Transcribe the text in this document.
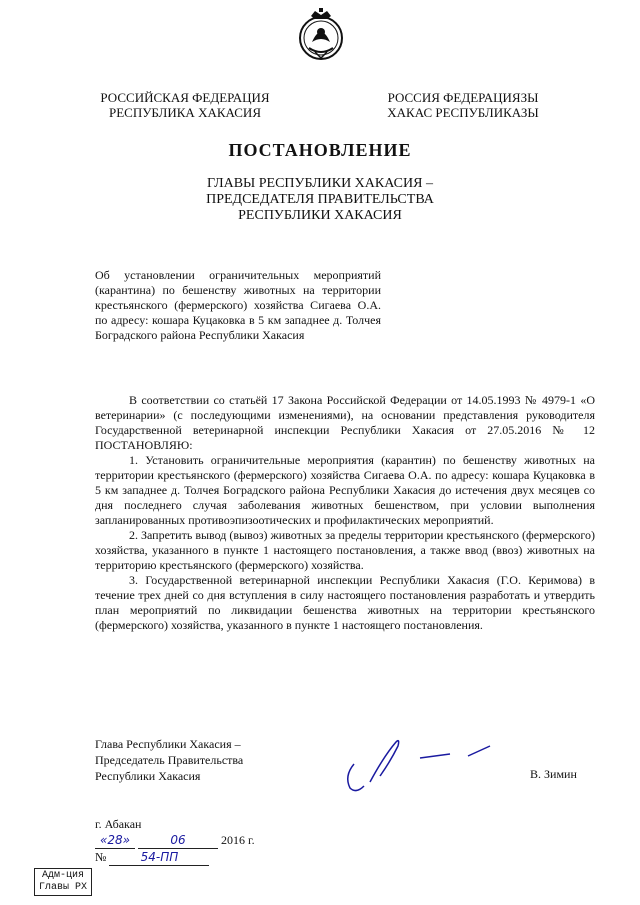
РОССИЙСКАЯ ФЕДЕРАЦИЯ
РЕСПУБЛИКА ХАКАСИЯ
РОССИЯ ФЕДЕРАЦИЯЗЫ
ХАКАС РЕСПУБЛИКАЗЫ
ПОСТАНОВЛЕНИЕ
ГЛАВЫ РЕСПУБЛИКИ ХАКАСИЯ –
ПРЕДСЕДАТЕЛЯ ПРАВИТЕЛЬСТВА
РЕСПУБЛИКИ ХАКАСИЯ
Об установлении ограничительных мероприятий (карантина) по бешенству животных на территории крестьянского (фермерского) хозяйства Сигаева О.А. по адресу: кошара Куцаковка в 5 км западнее д. Толчея Боградского района Республики Хакасия

В соответствии со статьёй 17 Закона Российской Федерации от 14.05.1993 № 4979-1 «О ветеринарии» (с последующими изменениями), на основании представления руководителя Государственной ветеринарной инспекции Республики Хакасия от 27.05.2016 № 12 ПОСТАНОВЛЯЮ:

1. Установить ограничительные мероприятия (карантин) по бешенству животных на территории крестьянского (фермерского) хозяйства Сигаева О.А. по адресу: кошара Куцаковка в 5 км западнее д. Толчея Боградского района Республики Хакасия до истечения двух месяцев со дня последнего случая заболевания животных бешенством, при условии выполнения запланированных противоэпизоотических и профилактических мероприятий.

2. Запретить вывод (вывоз) животных за пределы территории крестьянского (фермерского) хозяйства, указанного в пункте 1 настоящего постановления, а также ввод (ввоз) животных на территорию крестьянского (фермерского) хозяйства.

3. Государственной ветеринарной инспекции Республики Хакасия (Г.О. Керимова) в течение трех дней со дня вступления в силу настоящего постановления разработать и утвердить план мероприятий по ликвидации бешенства животных на территории крестьянского (фермерского) хозяйства, указанного в пункте 1 настоящего постановления.

Глава Республики Хакасия –
Председатель Правительства
Республики Хакасия	В. Зимин
г. Абакан
«28»	06	2016 г.
№	54-ПП
Адм-ция
Главы РХ
